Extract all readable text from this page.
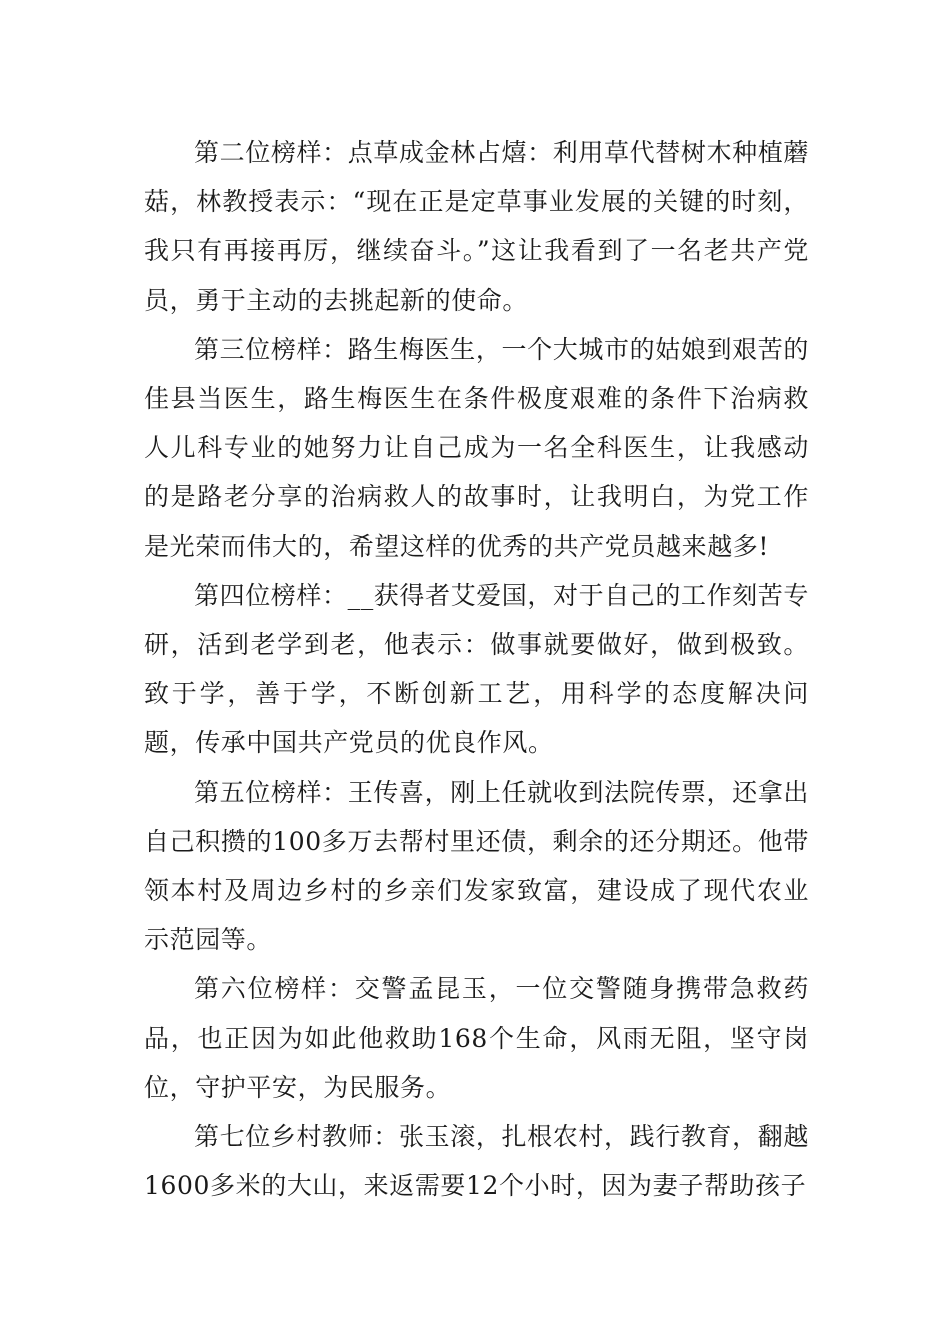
第二位榜样：点草成金林占熺：利用草代替树木种植蘑菇，林教授表示：“现在正是定草事业发展的关键的时刻，我只有再接再厉，继续奋斗。”这让我看到了一名老共产党员，勇于主动的去挑起新的使命。

第三位榜样：路生梅医生，一个大城市的姑娘到艰苦的佳县当医生，路生梅医生在条件极度艰难的条件下治病救人儿科专业的她努力让自己成为一名全科医生，让我感动的是路老分享的治病救人的故事时，让我明白，为党工作是光荣而伟大的，希望这样的优秀的共产党员越来越多!

第四位榜样：__获得者艾爱国，对于自己的工作刻苦专研，活到老学到老，他表示：做事就要做好，做到极致。致于学，善于学，不断创新工艺，用科学的态度解决问题，传承中国共产党员的优良作风。

第五位榜样：王传喜，刚上任就收到法院传票，还拿出自己积攒的100多万去帮村里还债，剩余的还分期还。他带领本村及周边乡村的乡亲们发家致富，建设成了现代农业示范园等。

第六位榜样：交警孟昆玉，一位交警随身携带急救药品，也正因为如此他救助168个生命，风雨无阻，坚守岗位，守护平安，为民服务。

第七位乡村教师：张玉滚，扎根农村，践行教育，翻越1600多米的大山，来返需要12个小时，因为妻子帮助孩子
